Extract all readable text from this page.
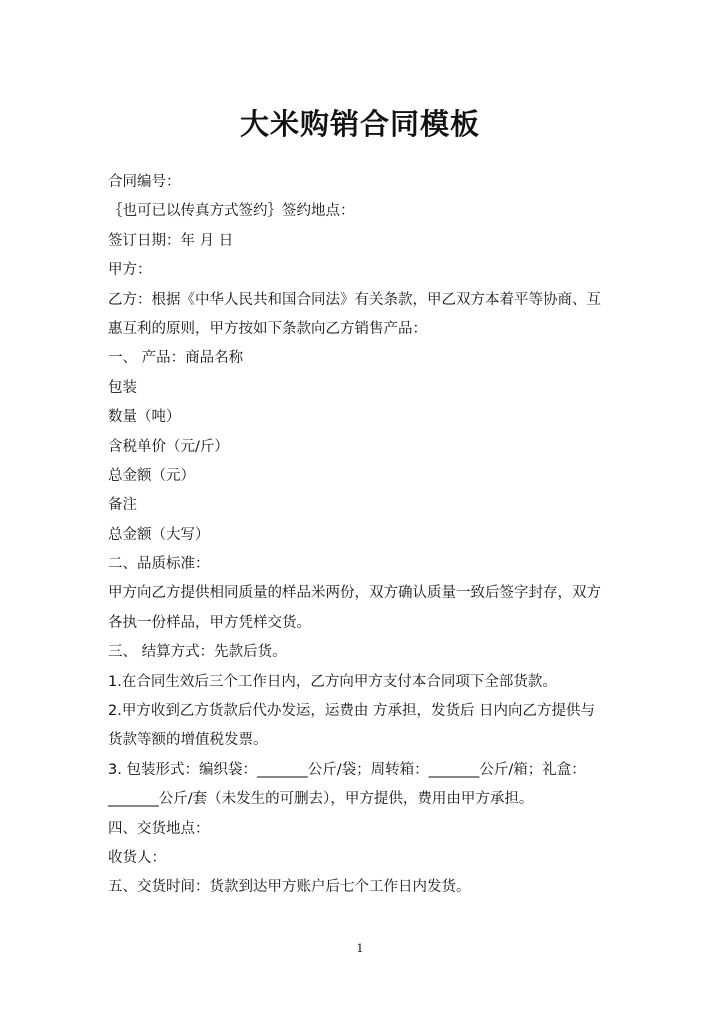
大米购销合同模板
合同编号：
｛也可已以传真方式签约｝签约地点：
签订日期：年 月 日
甲方：
乙方：根据《中华人民共和国合同法》有关条款，甲乙双方本着平等协商、互
惠互利的原则，甲方按如下条款向乙方销售产品：
一、 产品：商品名称
包装
数量（吨）
含税单价（元/斤）
总金额（元）
备注
总金额（大写）
二、品质标准：
甲方向乙方提供相同质量的样品米两份，双方确认质量一致后签字封存，双方
各执一份样品，甲方凭样交货。
三、 结算方式：先款后货。
1.在合同生效后三个工作日内，乙方向甲方支付本合同项下全部货款。
2.甲方收到乙方货款后代办发运，运费由 方承担，发货后 日内向乙方提供与
货款等额的增值税发票。
3. 包装形式：编织袋：_______公斤/袋；周转箱：_______公斤/箱；礼盒：
_______公斤/套（未发生的可删去），甲方提供，费用由甲方承担。
四、交货地点：
收货人：
五、交货时间：货款到达甲方账户后七个工作日内发货。
1
